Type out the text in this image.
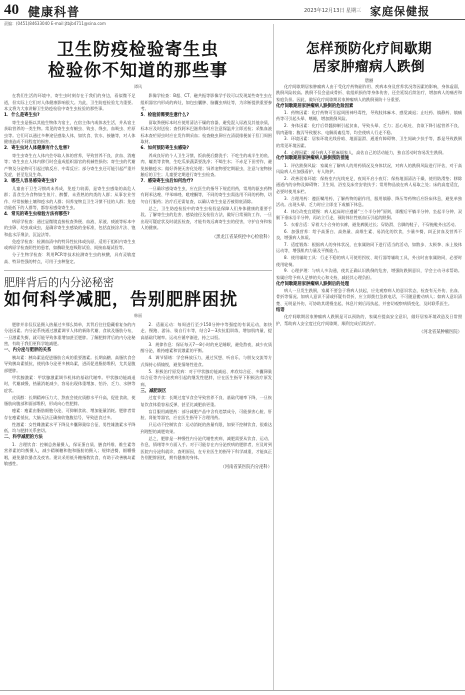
40 健康科普	2023年12月13日 星期三 家庭保健报
责编：(0451)84633040 E-mail:jtbjb4711@sina.com
卫生防疫检验寄生虫
检验你不知道的那些事
谭风
在我们生活的环境中，寄生虫时刻存在于我们的身边，看似微不足道，但实际上它们对人体健康影响很大。为此，卫生防疫检验尤为重要。本文将为大家讲解卫生防疫检验中寄生虫检验的那些事。
1．什么是寄生虫?
寄生虫是指以其他生物体为宿主，在宿主体内或体表生活，并从宿主获取营养的一类生物。常见的寄生虫有蛔虫、钩虫、绦虫、血吸虫、疟原虫等。它们可以通过多种途径感染人体，如饮食、饮水、接触等，对人体健康造成不同程度的损害。
2．寄生虫对人体健康有什么危害?
寄生虫寄生在人体内会夺取人体的营养，导致营养不良、贫血、消瘦等；寄生虫在人体内移行时会造成组织器官的机械性损伤；寄生虫的代谢产物及分泌物可引起过敏反应、中毒反应；部分寄生虫还可能引起严重并发症，甚至危及生命。
3．哪些人容易感染寄生虫?
儿童由于卫生习惯尚未养成，免疫力较弱，是寄生虫感染的高危人群；喜食生冷食物如生鱼片、醉蟹、未煮熟的肉类的人群；从事农业劳作、经常接触土壤和疫水的人群；饲养宠物且卫生习惯不佳的人群；免疫功能低下的人群等，都容易感染寄生虫。
4．常见的寄生虫检验方法有哪些?
病原学检查：通过显微镜直接检查粪便、血液、尿液、痰液等标本中的虫卵、幼虫或成虫，是确诊寄生虫感染的金标准，包括直接涂片法、饱和盐水浮聚法、沉淀法等。
免疫学检查：检测血清中的特异性抗体或抗原，适用于组织内寄生虫或病原学检查阴性的患者，如酶联免疫吸附试验、间接血凝试验等。
分子生物学检查：利用PCR等技术检测寄生虫的核酸，具有灵敏度高、特异性强的特点，可用于虫种鉴定。
影像学检查：B超、CT、磁共振等影像学手段可以发现某些寄生虫在组织器官内形成的病灶，如包虫囊肿、脑囊虫病灶等，为诊断提供重要参考。
5．检验前需要注意什么?
留取粪便标本时应使用清洁干燥的容器，避免混入尿液及其他杂质，标本应及时送检；查找阿米巴滋养体时应注意保温并立即送检；采集血液标本查疟原虫时应在发作期采血；检查蛲虫卵应在清晨排便前于肛门周围取材。
6．如何预防寄生虫感染?
养成良好的个人卫生习惯，饭前便后勤洗手；不吃生的或半生的鱼、肉、螺类等食物，生吃瓜果蔬菜要洗净；不喝生水；不赤足下田劳作，避免接触疫水；做好粪便无害化处理；饲养宠物要定期驱虫，注意与宠物接触后的卫生；儿童要定期进行寄生虫检查。
7．感染寄生虫后如何治疗?
一旦确诊感染寄生虫，应在医生的指导下规范用药，常用的驱虫药物有阿苯达唑、甲苯咪唑、吡喹酮等，不同的寄生虫需选用不同的药物，切勿自行服药；治疗后还需复查，以确认寄生虫是否被彻底清除。
总之，卫生防疫检验中的寄生虫检验是保障人们身体健康的重要手段。了解寄生虫的危害、感染途径及检验方法，做好日常预防工作，一旦出现可疑症状及时就医检查，才能有效远离寄生虫的侵害，守护自身和家人的健康。
（黑龙江省某疾控中心检验科）
肥胖背后的内分泌秘密
如何科学减肥，告别肥胖困扰
韩丽
肥胖并非仅仅是摄入热量过多那么简单，其背后往往隐藏着复杂的内分泌因素。内分泌系统通过激素调节人体的新陈代谢、食欲及脂肪分布，一旦激素失衡，就可能导致体重增加甚至肥胖。了解肥胖背后的内分泌秘密，有助于我们更科学地减肥。
一、内分泌与肥胖的关系
胰岛素：胰岛素是促进脂肪合成的重要激素。长期高糖、高脂饮食会导致胰岛素抵抗，使机体分泌更多胰岛素，进而促进脂肪堆积，尤其是腹部肥胖。
甲状腺激素：甲状腺激素调节机体的基础代谢率。甲状腺功能减退时，代谢减慢，热量消耗减少，容易出现体重增加、怕冷、乏力、水肿等症状。
皮质醇：长期精神压力大、熬夜会使皮质醇水平升高，促进食欲，使脂肪向腹部和面部堆积，形成向心性肥胖。
瘦素：瘦素由脂肪细胞分泌，可抑制食欲、增加能量消耗。肥胖者常存在瘦素抵抗，大脑无法正确接收饱腹信号，导致进食过多。
性激素：女性雌激素水平下降及多囊卵巢综合征、男性雄激素水平降低，均与肥胖关系密切。
二、科学减肥的方法
1．合理饮食：控制总热量摄入，保证蛋白质、膳食纤维、维生素等营养素的均衡摄入，减少精制糖和饱和脂肪的摄入；规律进餐，细嚼慢咽，避免暴饮暴食及夜宵。建议采用低升糖指数饮食，有助于改善胰岛素敏感性。
2．适量运动：每周进行至少150分钟中等强度的有氧运动，如快走、慢跑、游泳、骑自行车等，结合2～3次抗阻训练，增加肌肉量，提高基础代谢率。运动应循序渐进，持之以恒。
3．规律作息：保证每天7～8小时的充足睡眠，避免熬夜，减少皮质醇分泌，维持瘦素和饥饿素的平衡。
4．调节情绪：学会释放压力，通过冥想、听音乐、与朋友交流等方式保持心情愉悦，避免情绪性进食。
5．积极治疗原发病：对于甲状腺功能减退、库欣综合征、多囊卵巢综合征等内分泌疾病引起的继发性肥胖，应在医生指导下积极治疗原发病。
三、减肥误区
过度节食：长期过度节食会导致营养不良、基础代谢率下降，一旦恢复饮食体重容易反弹，甚至比减肥前更重。
盲目服用减肥药：部分减肥产品中含有违禁成分，可能损害心脏、肝脏、肾脏等器官，应在医生指导下合理用药。
只运动不控制饮食：运动消耗的热量有限，如果不控制饮食，很难达到理想的减肥效果。
总之，肥胖是一种慢性内分泌代谢性疾病，减肥需要从饮食、运动、作息、情绪等多方面入手。对于可能存在内分泌疾病的肥胖者，应及时到医院内分泌科就诊，查明原因，在专业医生的指导下科学减重，才能真正告别肥胖困扰，拥有健康的身体。
（河南省某医院内分泌科）
怎样预防化疗间歇期
居家肿瘤病人跌倒
唐丽
化疗间歇期居家肿瘤病人由于受化疗药物副作用、疾病本身及营养状况等因素的影响，身体虚弱，跌倒风险较高。跌倒不仅会造成骨折、软组织损伤等身体伤害，还会延误后续治疗，增加病人的痛苦和家庭负担。因此，做好化疗间歇期居家肿瘤病人的跌倒预防十分重要。
化疗间歇期居家肿瘤病人跌倒的危险因素
1．药物因素：化疗药物可引起周围神经毒性，导致肢体麻木、感觉减退；止吐药、镇静药、镇痛药等可引起头晕、嗜睡，增加跌倒风险。
2．身体因素：化疗后骨髓抑制引起贫血，导致头晕、乏力；恶心呕吐、食欲下降引起营养不良、肌肉萎缩；腹泻导致脱水、电解质紊乱等，均会使病人行走不稳。
3．环境因素：居家环境光线昏暗、地面湿滑、通道有障碍物、卫生间缺少扶手等，都是导致跌倒的常见环境因素。
4．心理因素：部分病人不愿麻烦家人，高估自己的活动能力，独自活动时容易发生跌倒。
化疗间歇期居家肿瘤病人跌倒预防措施
1．评估跌倒风险：家属应了解病人的用药情况及身体状况，对病人的跌倒风险进行评估，对于高风险病人应加强看护，专人陪护。
2．改善居家环境：保持室内光线充足，夜间开启小夜灯；保持地面清洁干燥，使用防滑垫；移除通道内的杂物及障碍物；卫生间、浴室及床旁安装扶手；常用物品放在病人易取之处；床的高度适宜，必要时使用床栏。
3．合理用药：遵医嘱用药，了解药物的副作用，服用镇静、降压等药物后应卧床休息，避免单独活动。出现头晕、乏力时应立即坐下或躺下休息。
4．体位改变宜缓慢：病人起床时应遵循“三个半分钟”原则，即醒后平躺半分钟、坐起半分钟、双腿下垂床沿半分钟，再站立行走，预防体位性低血压引起的跌倒。
5．衣着合适：穿着大小合身的衣裤，避免裤腿过长；穿防滑、合脚的鞋子，不穿拖鞋外出活动。
6．加强营养：给予高蛋白、高热量、高维生素、易消化的饮食，少量多餐，纠正贫血及营养不良，增强病人体质。
7．适度锻炼：根据病人的身体状况，在家属陪同下进行适当的活动，如散步、太极拳、床上肢体运动等，增强肌肉力量及平衡能力。
8．使用辅助工具：行走不稳的病人可使用拐杖、助行器等辅助工具，外出时由家属陪同，必要时使用轮椅。
9．心理护理：与病人多沟通，使其正确认识跌倒的危害，增强防跌倒意识，学会主动寻求帮助。家属应给予病人足够的关心和支持，减轻其心理负担。
化疗间歇期居家肿瘤病人跌倒后的处理
病人一旦发生跌倒，家属不要急于将病人扶起，应先观察病人的意识状态，检查有无外伤、出血、骨折等情况。如病人意识不清或怀疑有骨折，应立即拨打急救电话，不可随意搬动病人；如病人意识清楚、无明显外伤，可协助其缓慢坐起，休息片刻后再扶起，并密切观察病情变化，及时联系医生。
结语
化疗间歇期居家肿瘤病人跌倒是可以预防的，家属应提高安全意识，做好居家环境改造及日常照护，帮助病人安全度过化疗间歇期，顺利完成后续治疗。
（河北省某肿瘤医院）
